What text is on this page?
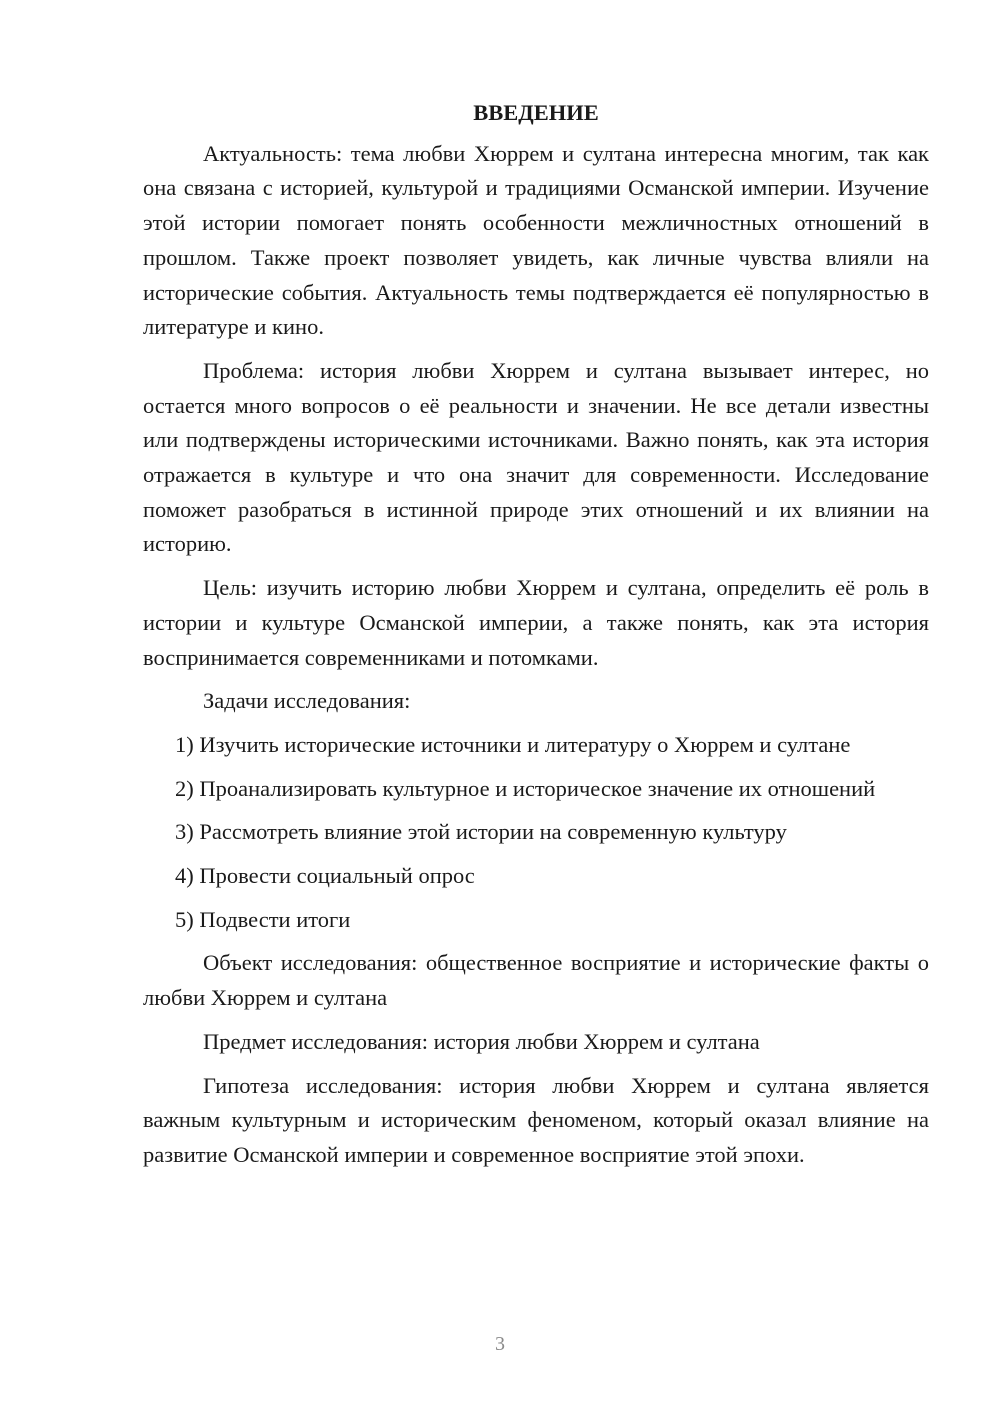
ВВЕДЕНИЕ

Актуальность: тема любви Хюррем и султана интересна многим, так как она связана с историей, культурой и традициями Османской империи. Изучение этой истории помогает понять особенности межличностных отношений в прошлом. Также проект позволяет увидеть, как личные чувства влияли на исторические события. Актуальность темы подтверждается её популярностью в литературе и кино.

Проблема: история любви Хюррем и султана вызывает интерес, но остается много вопросов о её реальности и значении. Не все детали известны или подтверждены историческими источниками. Важно понять, как эта история отражается в культуре и что она значит для современности. Исследование поможет разобраться в истинной природе этих отношений и их влиянии на историю.

Цель: изучить историю любви Хюррем и султана, определить её роль в истории и культуре Османской империи, а также понять, как эта история воспринимается современниками и потомками.

Задачи исследования:

1) Изучить исторические источники и литературу о Хюррем и султане

2) Проанализировать культурное и историческое значение их отношений

3) Рассмотреть влияние этой истории на современную культуру

4) Провести социальный опрос

5) Подвести итоги

Объект исследования: общественное восприятие и исторические факты о любви Хюррем и султана

Предмет исследования: история любви Хюррем и султана

Гипотеза исследования: история любви Хюррем и султана является важным культурным и историческим феноменом, который оказал влияние на развитие Османской империи и современное восприятие этой эпохи.

3
